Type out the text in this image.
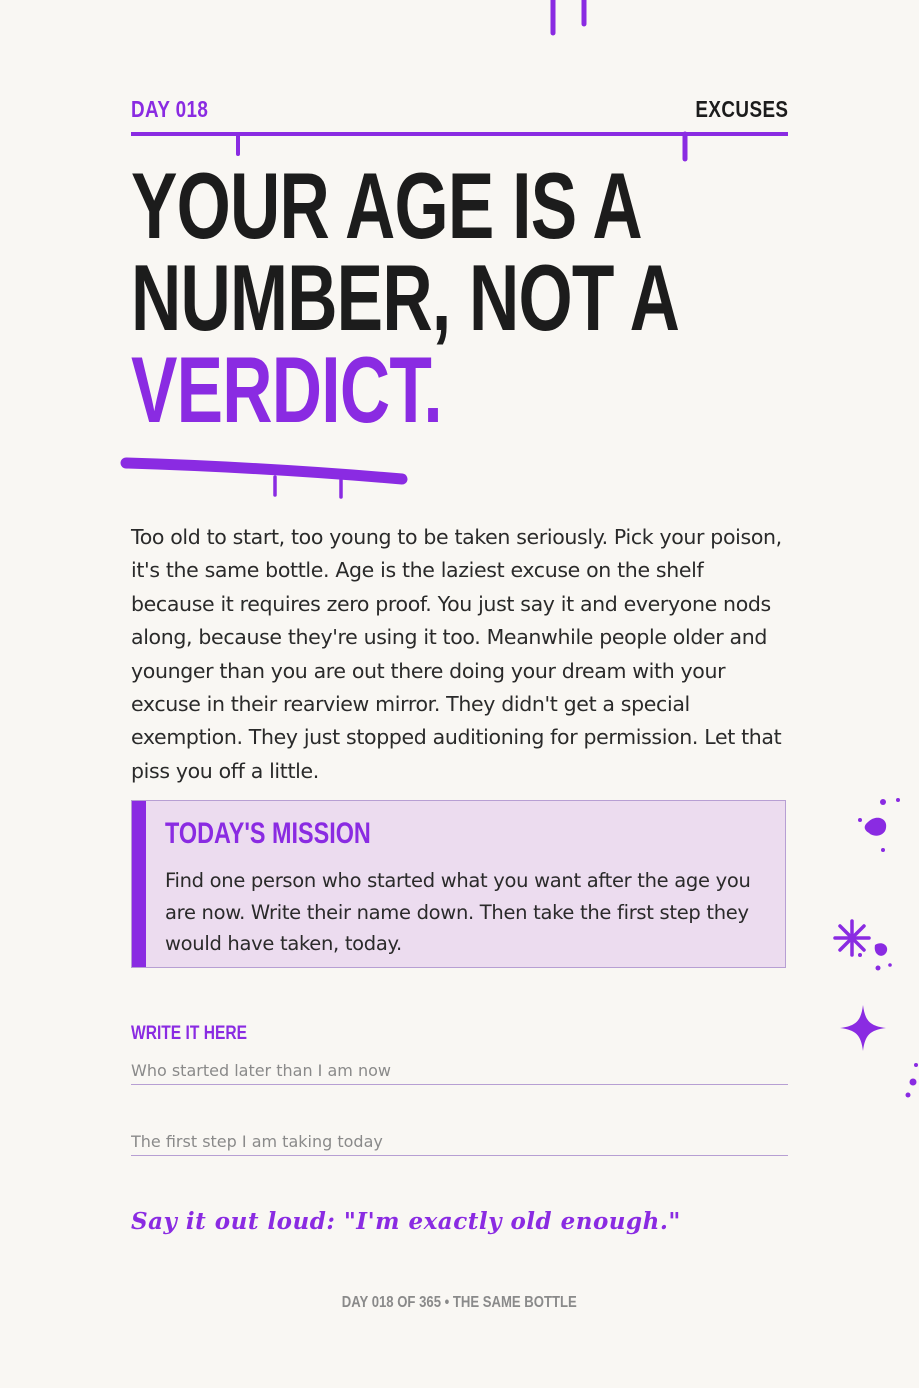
DAY 018	EXCUSES
YOUR AGE IS A
NUMBER, NOT A
VERDICT.

Too old to start, too young to be taken seriously. Pick your poison, it's the same bottle. Age is the laziest excuse on the shelf because it requires zero proof. You just say it and everyone nods along, because they're using it too. Meanwhile people older and younger than you are out there doing your dream with your excuse in their rearview mirror. They didn't get a special exemption. They just stopped auditioning for permission. Let that piss you off a little.

TODAY'S MISSION

Find one person who started what you want after the age you are now. Write their name down. Then take the first step they would have taken, today.

WRITE IT HERE
Who started later than I am now
The first step I am taking today
Say it out loud: "I'm exactly old enough."
DAY 018 OF 365 • THE SAME BOTTLE
